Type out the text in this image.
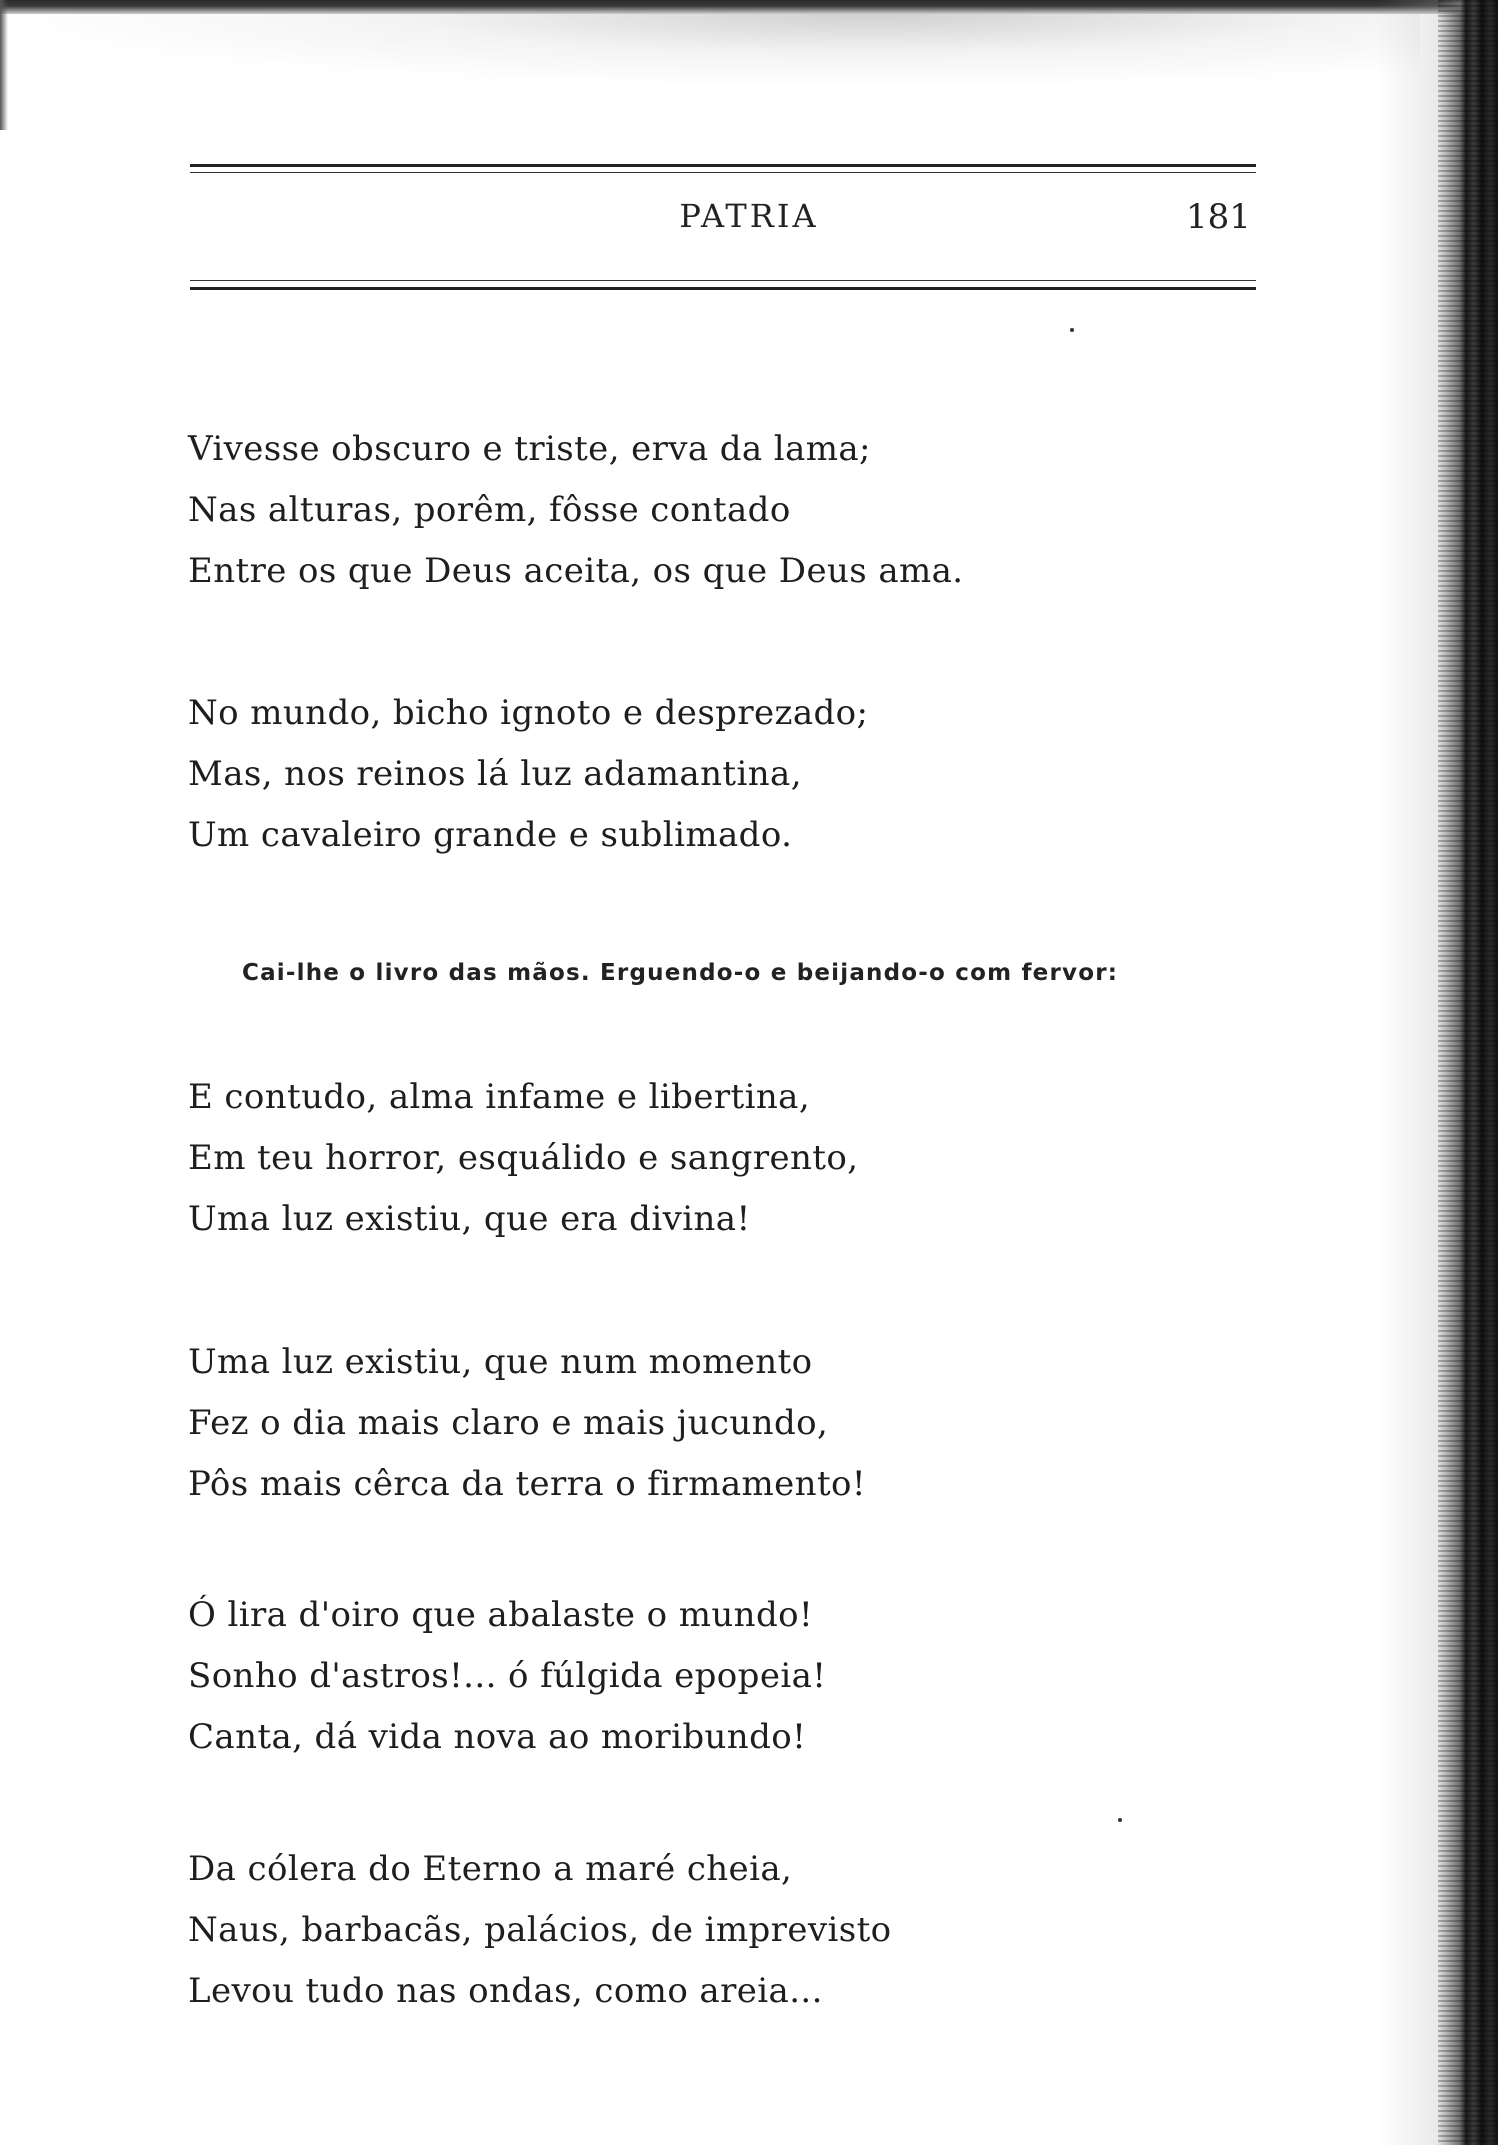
PATRIA	181
Vivesse obscuro e triste, erva da lama;
Nas alturas, porêm, fôsse contado
Entre os que Deus aceita, os que Deus ama.
No mundo, bicho ignoto e desprezado;
Mas, nos reinos lá luz adamantina,
Um cavaleiro grande e sublimado.
Cai-lhe o livro das mãos. Erguendo-o e beijando-o com fervor:
E contudo, alma infame e libertina,
Em teu horror, esquálido e sangrento,
Uma luz existiu, que era divina!
Uma luz existiu, que num momento
Fez o dia mais claro e mais jucundo,
Pôs mais cêrca da terra o firmamento!
Ó lira d'oiro que abalaste o mundo!
Sonho d'astros!... ó fúlgida epopeia!
Canta, dá vida nova ao moribundo!
Da cólera do Eterno a maré cheia,
Naus, barbacãs, palácios, de imprevisto
Levou tudo nas ondas, como areia...
